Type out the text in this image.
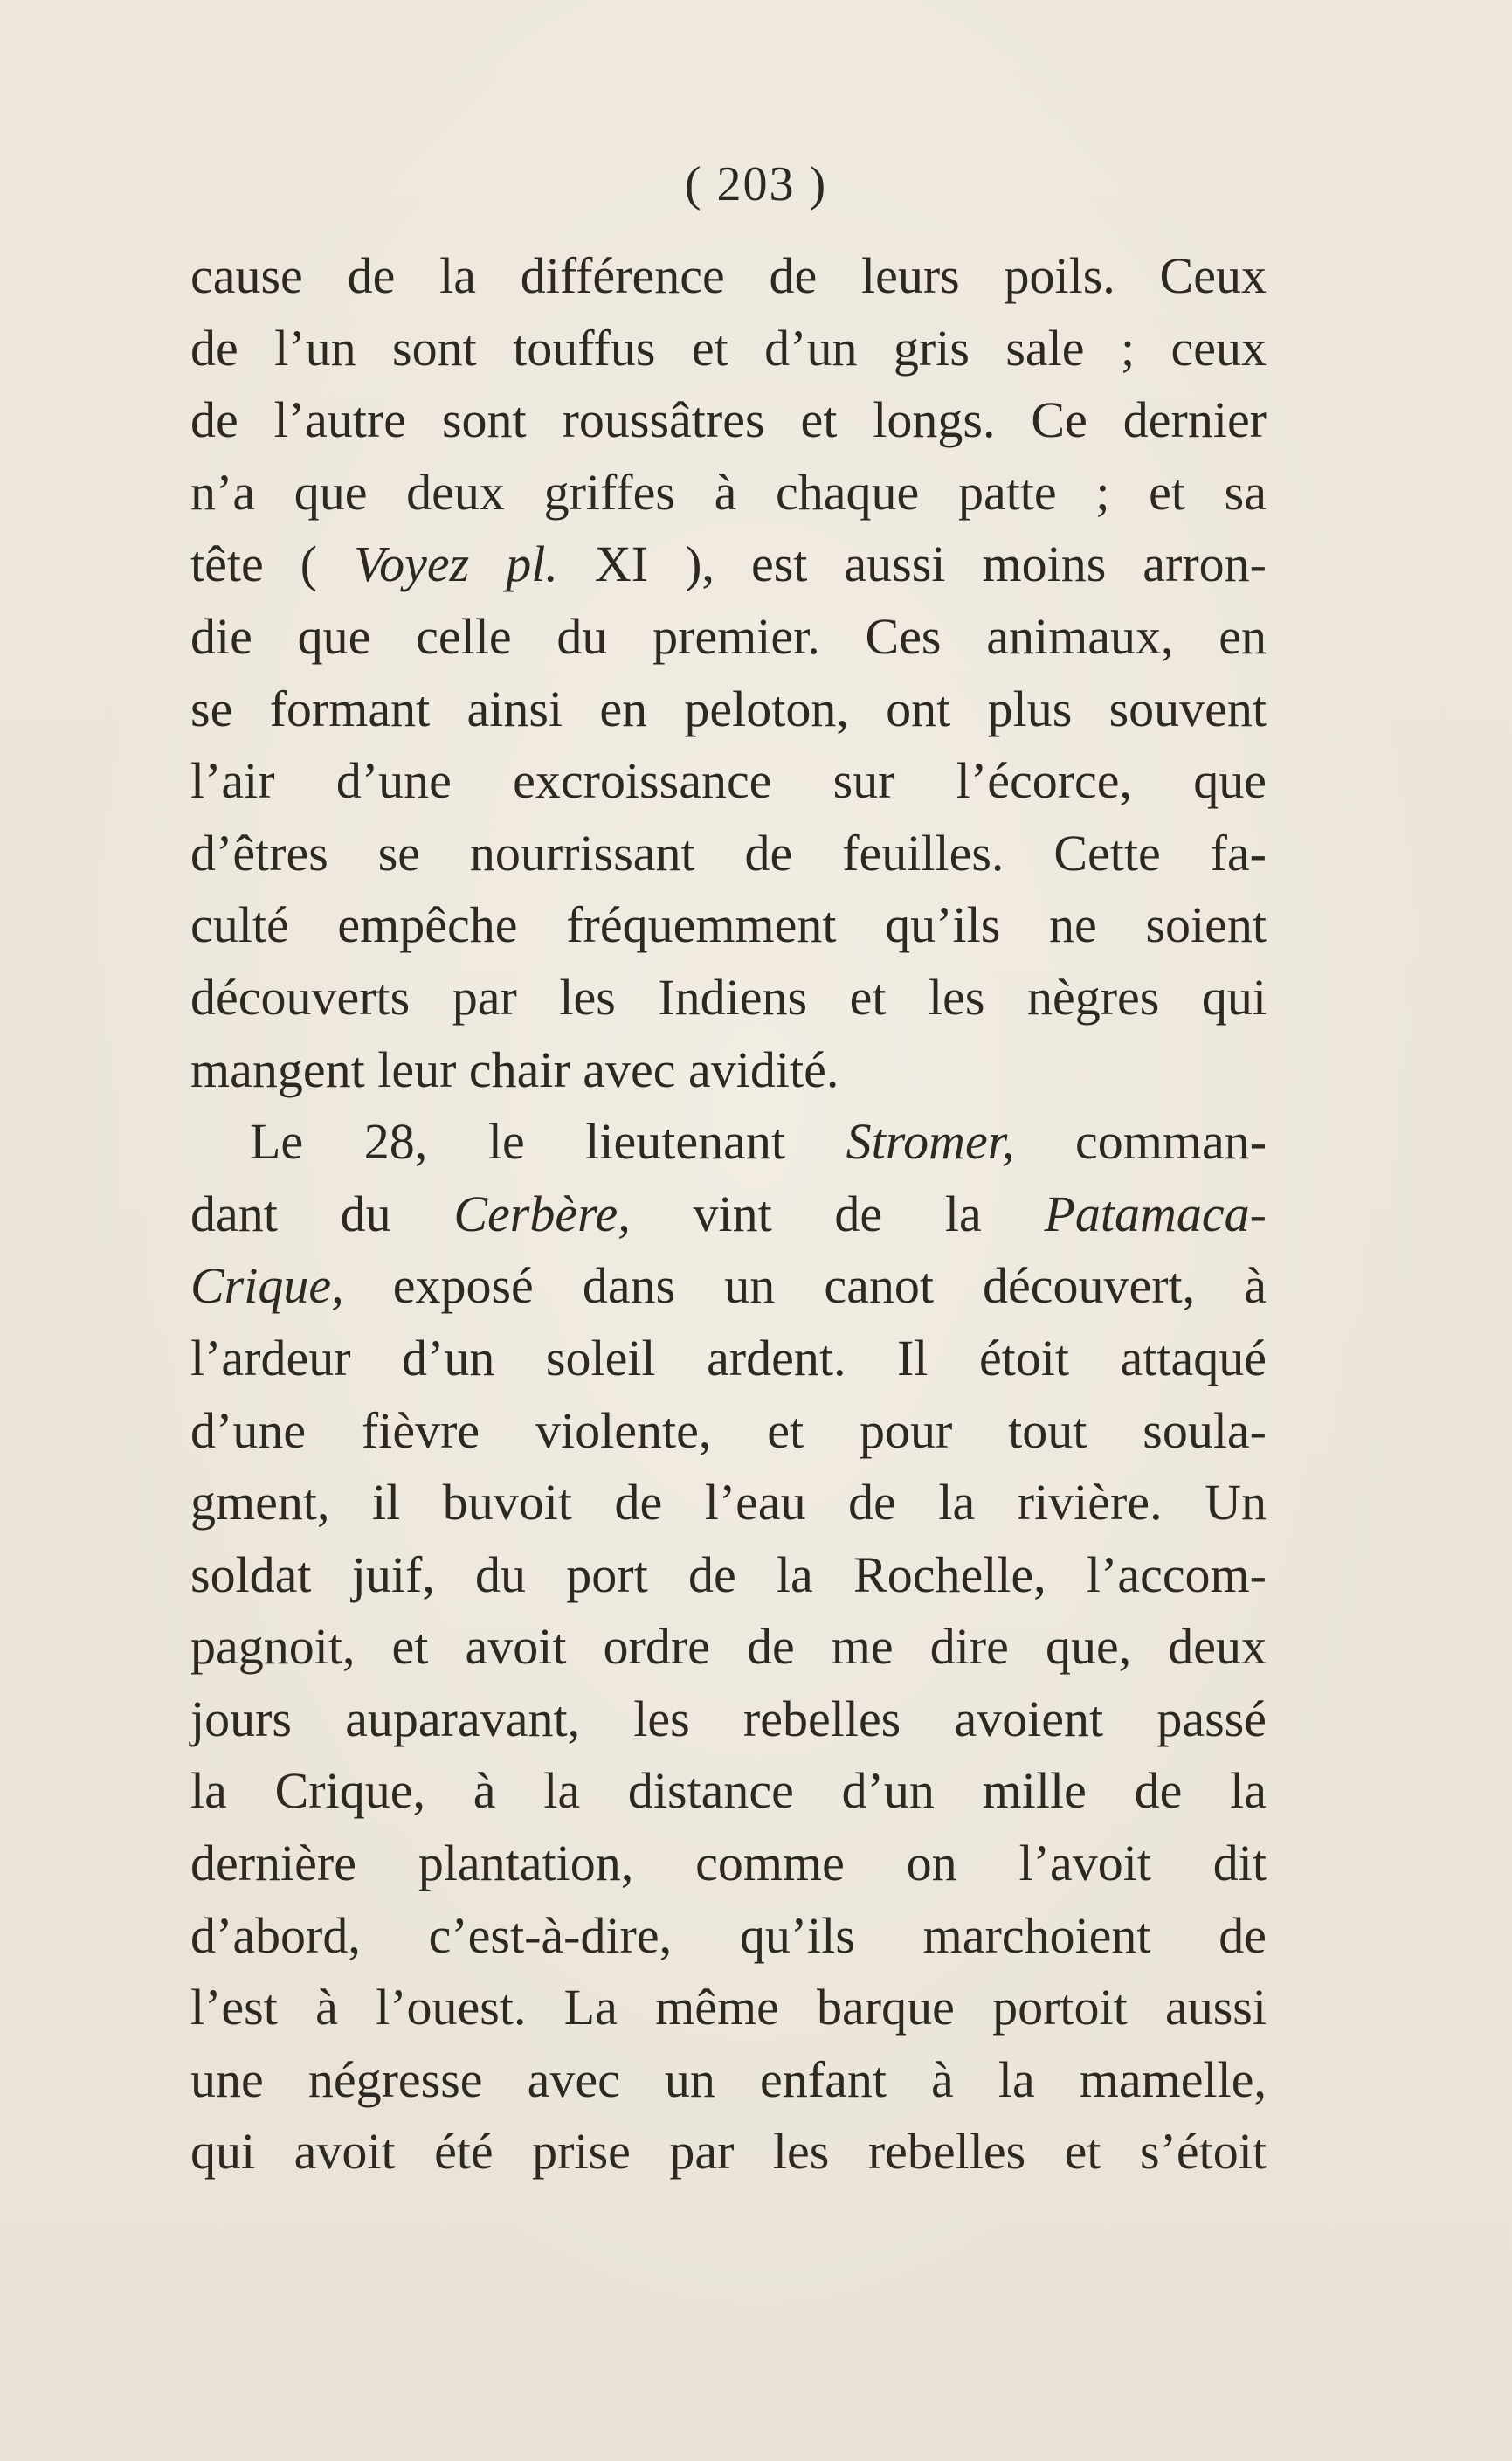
( 203 )
cause de la différence de leurs poils. Ceux
de l’un sont touffus et d’un gris sale ; ceux
de l’autre sont roussâtres et longs. Ce dernier
n’a que deux griffes à chaque patte ; et sa
tête ( Voyez pl. XI ), est aussi moins arron-
die que celle du premier. Ces animaux, en
se formant ainsi en peloton, ont plus souvent
l’air d’une excroissance sur l’écorce, que
d’êtres se nourrissant de feuilles. Cette fa-
culté empêche fréquemment qu’ils ne soient
découverts par les Indiens et les nègres qui
mangent leur chair avec avidité.
Le 28, le lieutenant Stromer, comman-
dant du Cerbère, vint de la Patamaca-
Crique, exposé dans un canot découvert, à
l’ardeur d’un soleil ardent. Il étoit attaqué
d’une fièvre violente, et pour tout soula-
gment, il buvoit de l’eau de la rivière. Un
soldat juif, du port de la Rochelle, l’accom-
pagnoit, et avoit ordre de me dire que, deux
jours auparavant, les rebelles avoient passé
la Crique, à la distance d’un mille de la
dernière plantation, comme on l’avoit dit
d’abord, c’est-à-dire, qu’ils marchoient de
l’est à l’ouest. La même barque portoit aussi
une négresse avec un enfant à la mamelle,
qui avoit été prise par les rebelles et s’étoit
